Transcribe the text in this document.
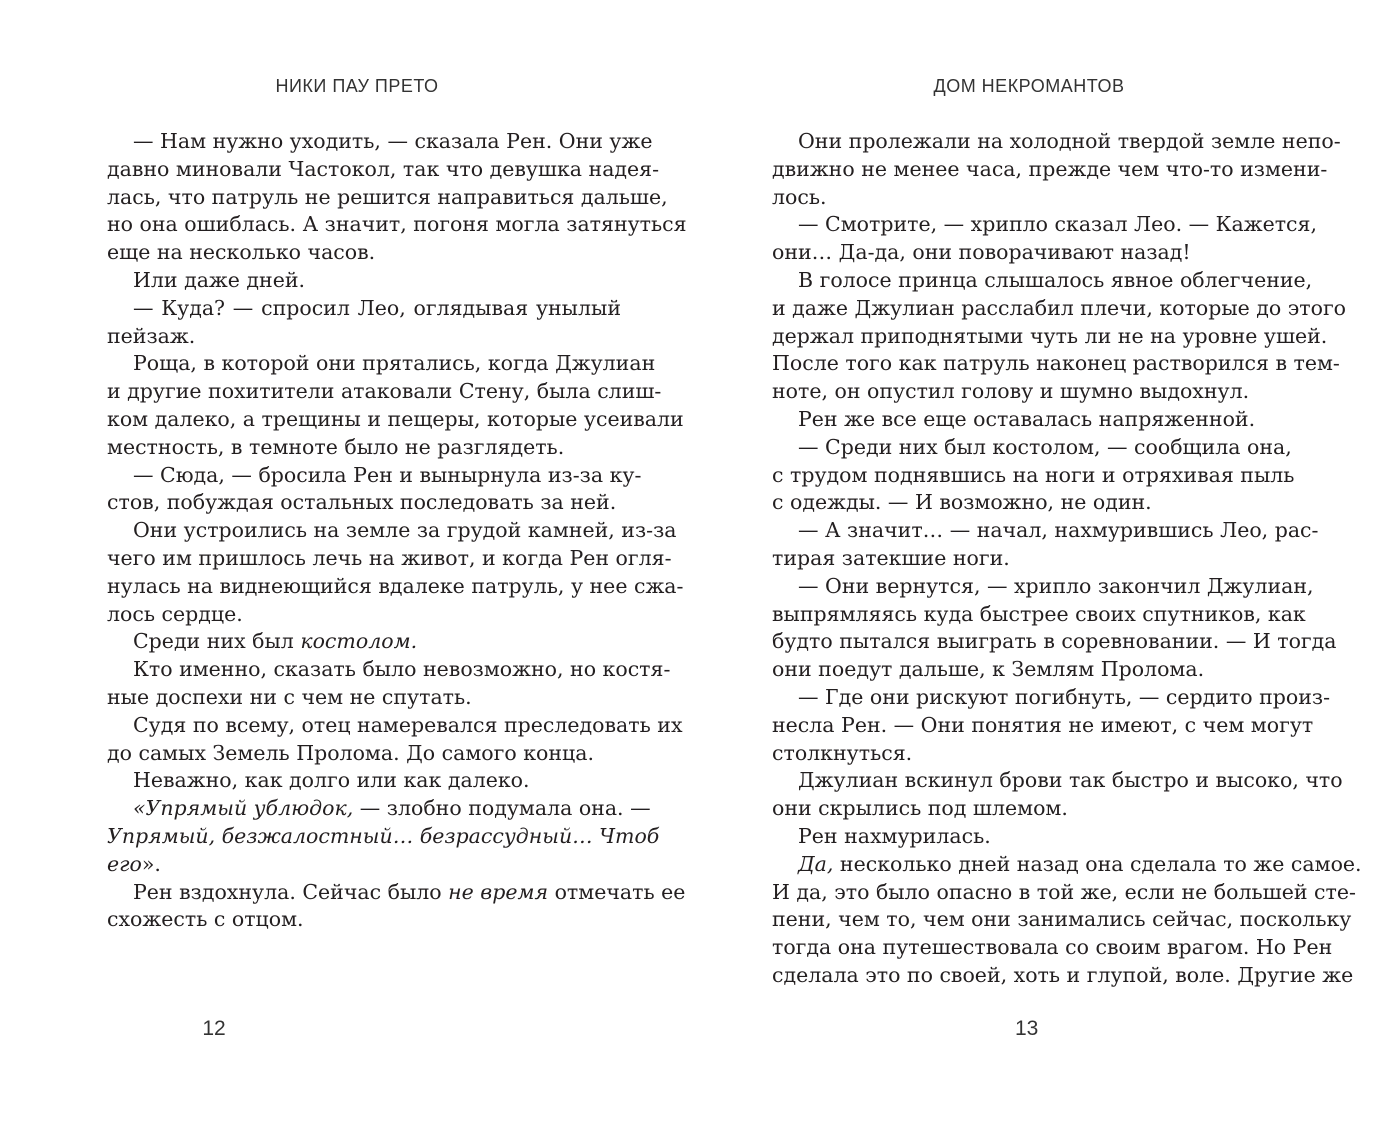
НИКИ ПАУ ПРЕТО
— Нам нужно уходить, — сказала Рен. Они уже
давно миновали Частокол, так что девушка надея-
лась, что патруль не решится направиться дальше,
но она ошиблась. А значит, погоня могла затянуться
еще на несколько часов.
Или даже дней.
— Куда? — спросил Лео, оглядывая унылый
пейзаж.
Роща, в которой они прятались, когда Джулиан
и другие похитители атаковали Стену, была слиш-
ком далеко, а трещины и пещеры, которые усеивали
местность, в темноте было не разглядеть.
— Сюда, — бросила Рен и вынырнула из-за ку-
стов, побуждая остальных последовать за ней.
Они устроились на земле за грудой камней, из-за
чего им пришлось лечь на живот, и когда Рен огля-
нулась на виднеющийся вдалеке патруль, у нее сжа-
лось сердце.
Среди них был костолом.
Кто именно, сказать было невозможно, но костя-
ные доспехи ни с чем не спутать.
Судя по всему, отец намеревался преследовать их
до самых Земель Пролома. До самого конца.
Неважно, как долго или как далеко.
«Упрямый ублюдок, — злобно подумала она. —
Упрямый, безжалостный… безрассудный… Чтоб
его».
Рен вздохнула. Сейчас было не время отмечать ее
схожесть с отцом.
12
ДОМ НЕКРОМАНТОВ
Они пролежали на холодной твердой земле непо-
движно не менее часа, прежде чем что-то измени-
лось.
— Смотрите, — хрипло сказал Лео. — Кажется,
они… Да-да, они поворачивают назад!
В голосе принца слышалось явное облегчение,
и даже Джулиан расслабил плечи, которые до этого
держал приподнятыми чуть ли не на уровне ушей.
После того как патруль наконец растворился в тем-
ноте, он опустил голову и шумно выдохнул.
Рен же все еще оставалась напряженной.
— Среди них был костолом, — сообщила она,
с трудом поднявшись на ноги и отряхивая пыль
с одежды. — И возможно, не один.
— А значит… — начал, нахмурившись Лео, рас-
тирая затекшие ноги.
— Они вернутся, — хрипло закончил Джулиан,
выпрямляясь куда быстрее своих спутников, как
будто пытался выиграть в соревновании. — И тогда
они поедут дальше, к Землям Пролома.
— Где они рискуют погибнуть, — сердито произ-
несла Рен. — Они понятия не имеют, с чем могут
столкнуться.
Джулиан вскинул брови так быстро и высоко, что
они скрылись под шлемом.
Рен нахмурилась.
Да, несколько дней назад она сделала то же самое.
И да, это было опасно в той же, если не большей сте-
пени, чем то, чем они занимались сейчас, поскольку
тогда она путешествовала со своим врагом. Но Рен
сделала это по своей, хоть и глупой, воле. Другие же
13
